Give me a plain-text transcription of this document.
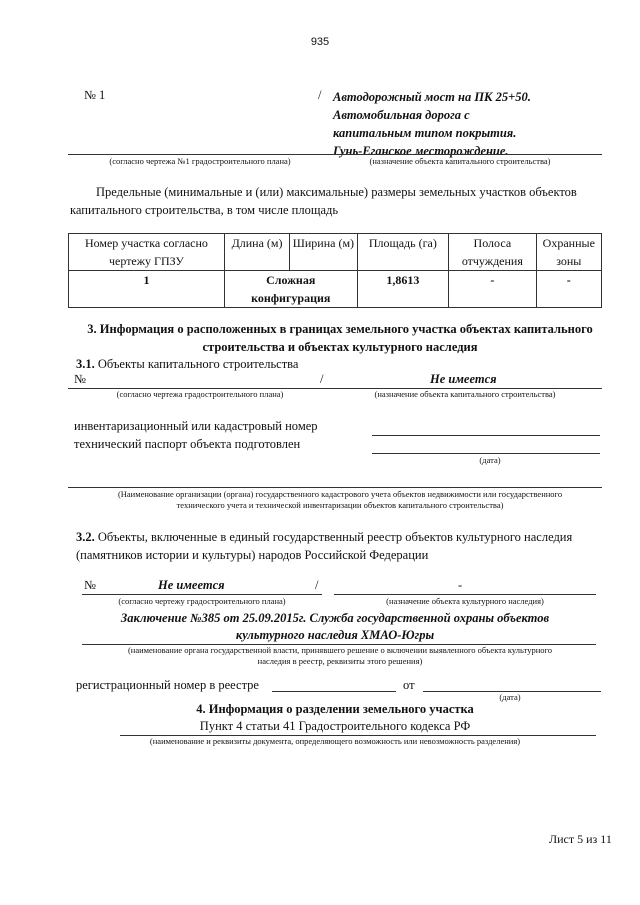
935
№ 1	/ Автодорожный мост на ПК 25+50.
Автомобильная дорога с
капитальным типом покрытия.
Гунь-Еганское месторождение.
(согласно чертежа №1 градостроительного плана)	(назначение объекта капитального строительства)
Предельные (минимальные и (или) максимальные) размеры земельных участков объектов
капитального строительства, в том числе площадь
Номер участка согласно чертежу ГПЗУ	Длина (м)	Ширина (м)	Площадь (га)	Полоса отчуждения	Охранные зоны
1	Сложная конфигурация		1,8613	-	-
3. Информация о расположенных в границах земельного участка объектах капитального
строительства и объектах культурного наследия
3.1. Объекты капитального строительства
№	/	Не имеется
(согласно чертежа градостроительного плана)	(назначение объекта капитального строительства)
инвентаризационный или кадастровый номер
технический паспорт объекта подготовлен
(дата)
(Наименование организации (органа) государственного кадастрового учета объектов недвижимости или государственного
технического учета и технической инвентаризации объектов капитального строительства)
3.2. Объекты, включенные в единый государственный реестр объектов культурного наследия
(памятников истории и культуры) народов Российской Федерации
№	Не имеется	/	-
(согласно чертежу градостроительного плана)	(назначение объекта культурного наследия)
Заключение №385 от 25.09.2015г. Служба государственной охраны объектов
культурного наследия ХМАО-Югры
(наименование органа государственной власти, принявшего решение о включении выявленного объекта культурного
наследия в реестр, реквизиты этого решения)
регистрационный номер в реестре	от
(дата)
4. Информация о разделении земельного участка
Пункт 4 статьи 41 Градостроительного кодекса РФ
(наименование и реквизиты документа, определяющего возможность или невозможность разделения)
Лист 5 из 11
